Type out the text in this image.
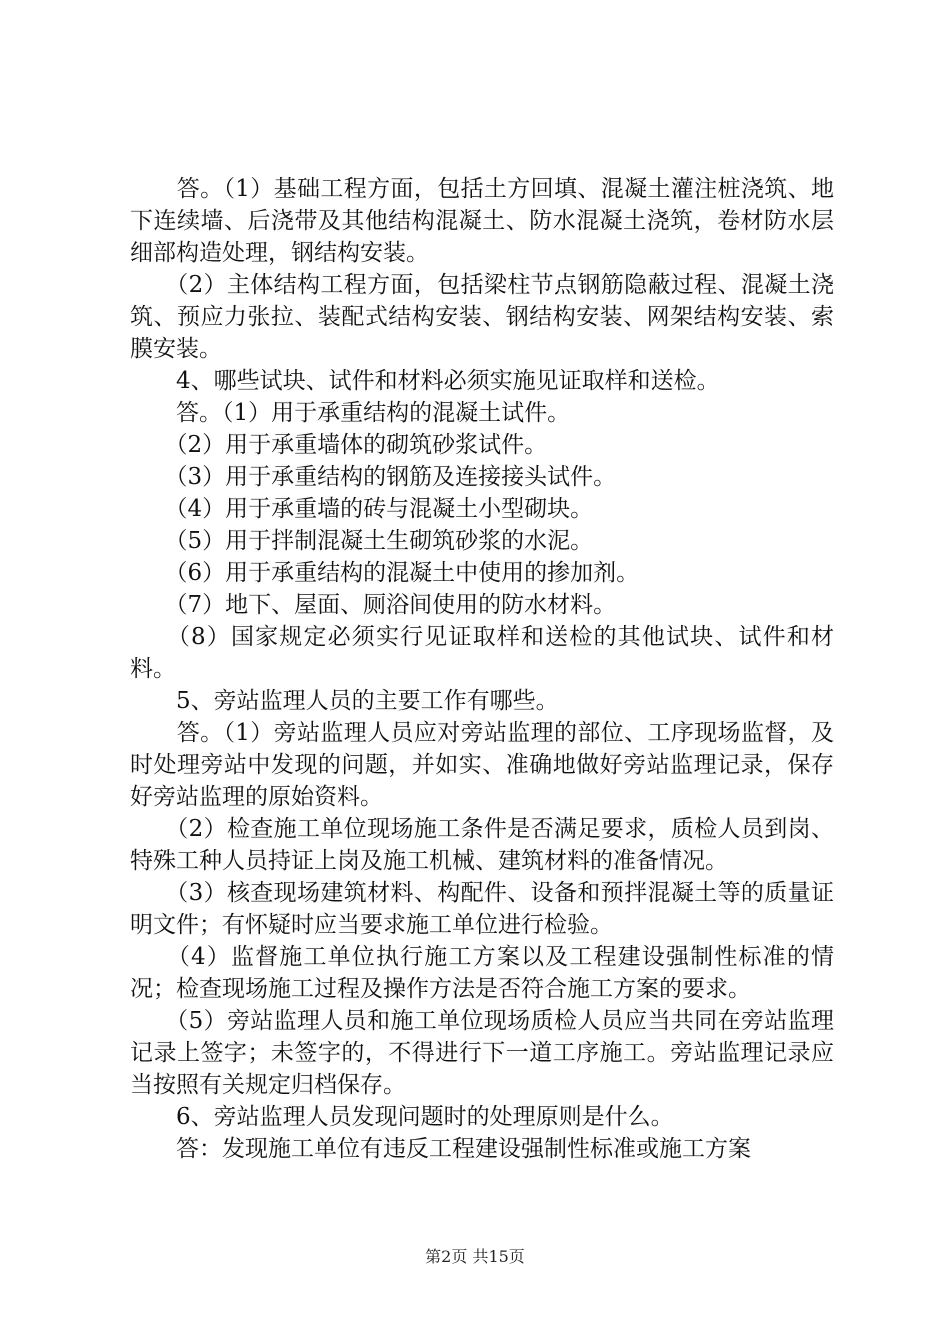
　　答。（1）基础工程方面，包括土方回填、混凝土灌注桩浇筑、地下连续墙、后浇带及其他结构混凝土、防水混凝土浇筑，卷材防水层细部构造处理，钢结构安装。

　　（2）主体结构工程方面，包括梁柱节点钢筋隐蔽过程、混凝土浇筑、预应力张拉、装配式结构安装、钢结构安装、网架结构安装、索膜安装。

　　4、哪些试块、试件和材料必须实施见证取样和送检。

　　答。（1）用于承重结构的混凝土试件。

　　（2）用于承重墙体的砌筑砂浆试件。

　　（3）用于承重结构的钢筋及连接接头试件。

　　（4）用于承重墙的砖与混凝土小型砌块。

　　（5）用于拌制混凝土生砌筑砂浆的水泥。

　　（6）用于承重结构的混凝土中使用的掺加剂。

　　（7）地下、屋面、厕浴间使用的防水材料。

　　（8）国家规定必须实行见证取样和送检的其他试块、试件和材料。

　　5、旁站监理人员的主要工作有哪些。

　　答。（1）旁站监理人员应对旁站监理的部位、工序现场监督，及时处理旁站中发现的问题，并如实、准确地做好旁站监理记录，保存好旁站监理的原始资料。

　　（2）检查施工单位现场施工条件是否满足要求，质检人员到岗、特殊工种人员持证上岗及施工机械、建筑材料的准备情况。

　　（3）核查现场建筑材料、构配件、设备和预拌混凝土等的质量证明文件；有怀疑时应当要求施工单位进行检验。

　　（4）监督施工单位执行施工方案以及工程建设强制性标准的情况；检查现场施工过程及操作方法是否符合施工方案的要求。

　　（5）旁站监理人员和施工单位现场质检人员应当共同在旁站监理记录上签字；未签字的，不得进行下一道工序施工。旁站监理记录应当按照有关规定归档保存。

　　6、旁站监理人员发现问题时的处理原则是什么。

　　答：发现施工单位有违反工程建设强制性标准或施工方案

第2页 共15页
